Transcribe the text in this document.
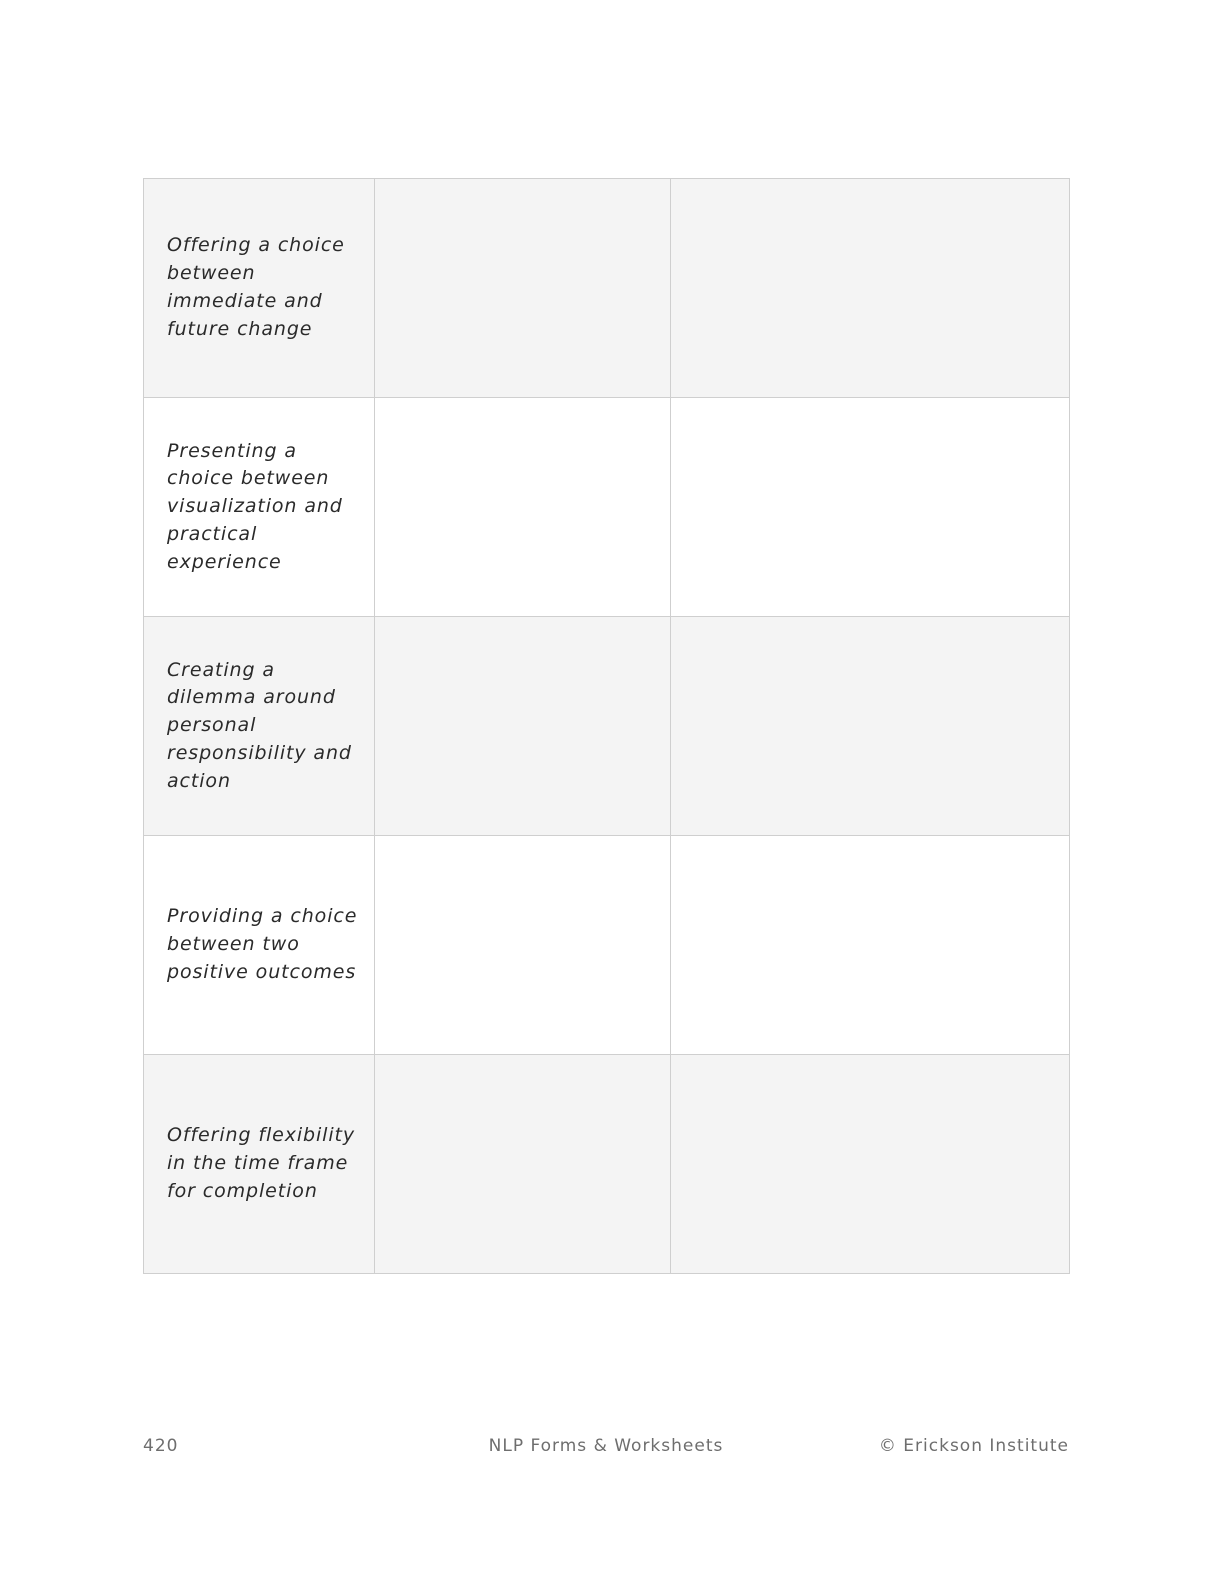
Offering a choice between immediate and future change		

Presenting a choice between visualization and practical experience		

Creating a dilemma around personal responsibility and action		

Providing a choice between two positive outcomes		

Offering flexibility in the time frame for completion		

420	NLP Forms & Worksheets	© Erickson Institute
